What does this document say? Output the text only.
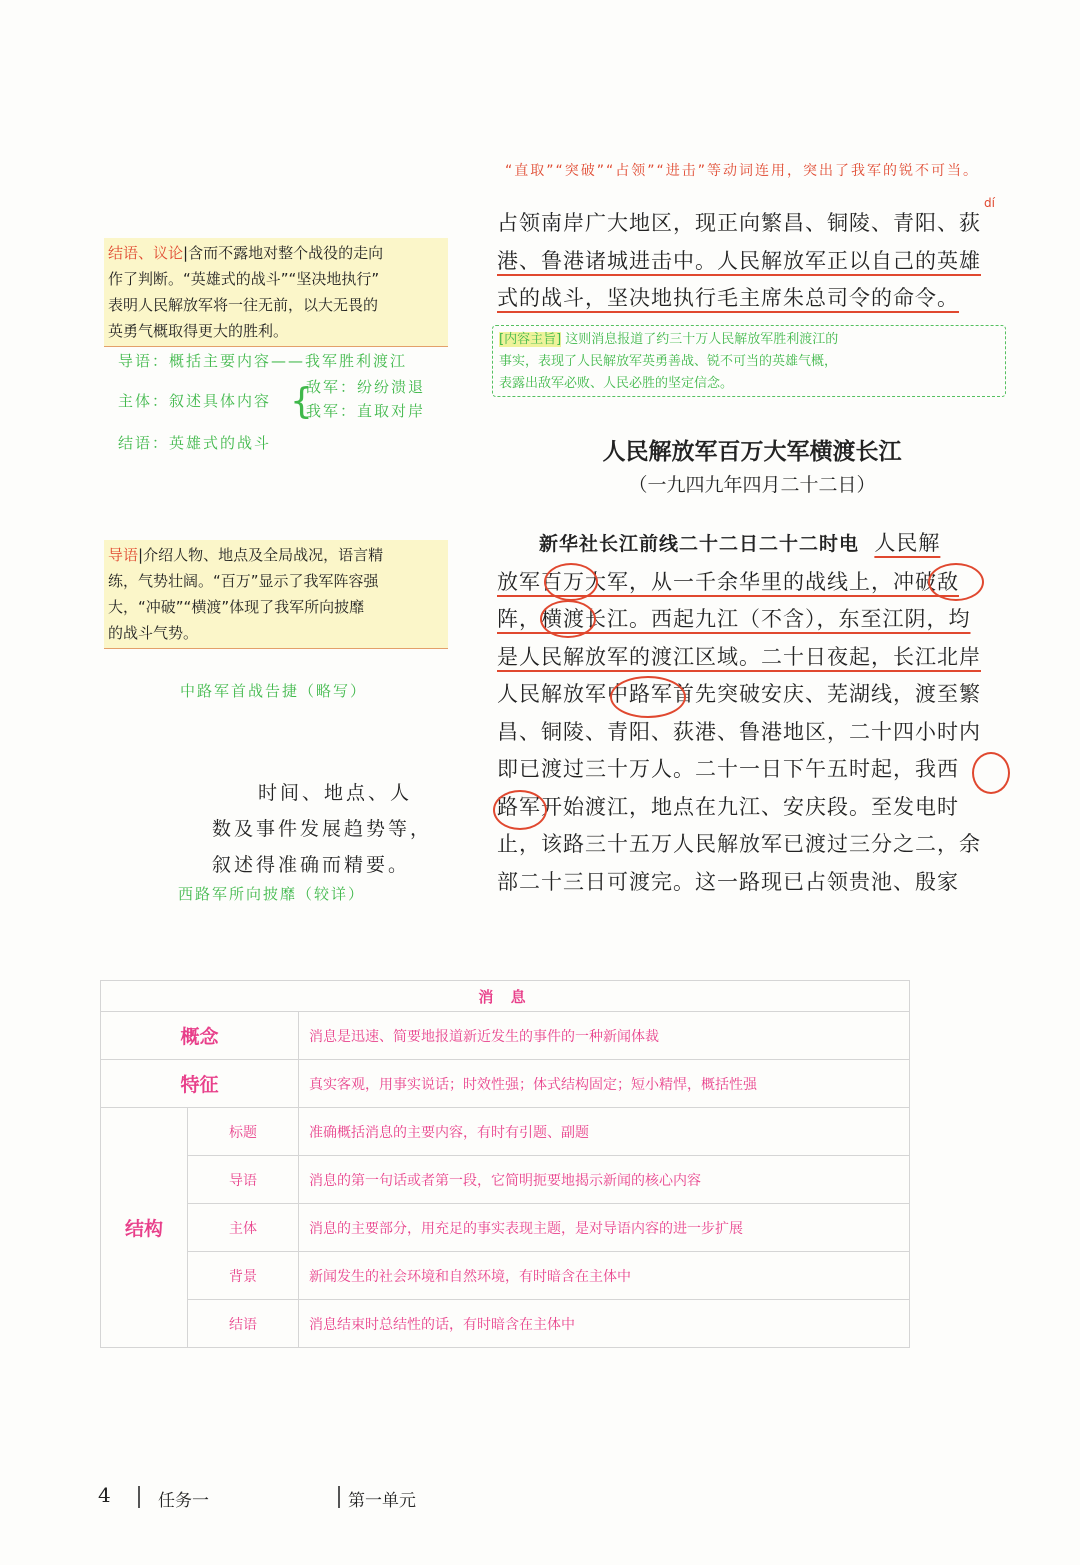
“直取”“突破”“占领”“进击”等动词连用，突出了我军的锐不可当。
dí
占领南岸广大地区，现正向繁昌、铜陵、青阳、荻
港、鲁港诸城进击中。人民解放军正以自己的英雄
式的战斗，坚决地执行毛主席朱总司令的命令。
[内容主旨] 这则消息报道了约三十万人民解放军胜利渡江的
事实，表现了人民解放军英勇善战、锐不可当的英雄气概，
表露出敌军必败、人民必胜的坚定信念。
结语、议论|含而不露地对整个战役的走向
作了判断。“英雄式的战斗”“坚决地执行”
表明人民解放军将一往无前，以大无畏的
英勇气概取得更大的胜利。
导语：概括主要内容——我军胜利渡江
主体：叙述具体内容 {
敌军：纷纷溃退
我军：直取对岸
结语：英雄式的战斗
导语|介绍人物、地点及全局战况，语言精
练，气势壮阔。“百万”显示了我军阵容强
大，“冲破”“横渡”体现了我军所向披靡
的战斗气势。
中路军首战告捷（略写）
时间、地点、人
数及事件发展趋势等，
叙述得准确而精要。
西路军所向披靡（较详）
人民解放军百万大军横渡长江
（一九四九年四月二十二日）
新华社长江前线二十二日二十二时电 人民解
放军百万大军，从一千余华里的战线上，冲破敌
阵，横渡长江。西起九江（不含），东至江阴，均
是人民解放军的渡江区域。二十日夜起，长江北岸
人民解放军中路军首先突破安庆、芜湖线，渡至繁
昌、铜陵、青阳、荻港、鲁港地区，二十四小时内
即已渡过三十万人。二十一日下午五时起，我西
路军开始渡江，地点在九江、安庆段。至发电时
止，该路三十五万人民解放军已渡过三分之二，余
部二十三日可渡完。这一路现已占领贵池、殷家
消 息		
概念		消息是迅速、简要地报道新近发生的事件的一种新闻体裁
特征		真实客观，用事实说话；时效性强；体式结构固定；短小精悍，概括性强
结构	标题	准确概括消息的主要内容，有时有引题、副题
	导语	消息的第一句话或者第一段，它简明扼要地揭示新闻的核心内容
	主体	消息的主要部分，用充足的事实表现主题，是对导语内容的进一步扩展
	背景	新闻发生的社会环境和自然环境，有时暗含在主体中
	结语	消息结束时总结性的话，有时暗含在主体中
4	任务一	第一单元
